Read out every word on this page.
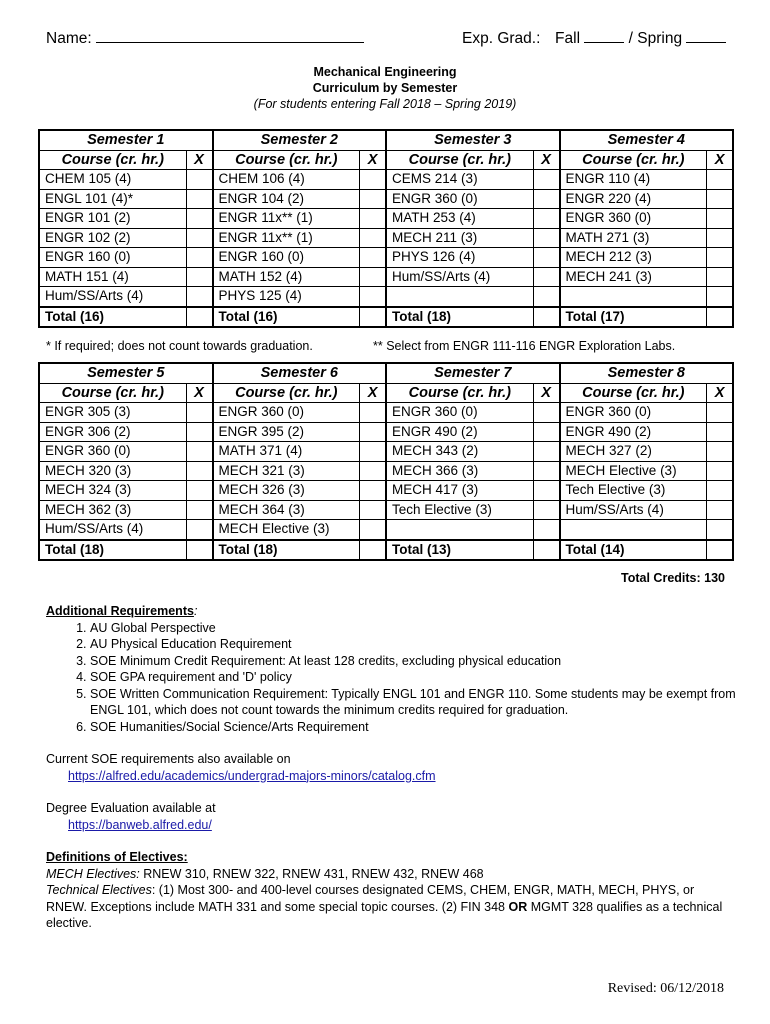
Name:	Exp. Grad.: Fall	/ Spring
Mechanical Engineering
Curriculum by Semester
(For students entering Fall 2018 – Spring 2019)
Semester 1		Semester 2		Semester 3		Semester 4	
Course (cr. hr.)	X	Course (cr. hr.)	X	Course (cr. hr.)	X	Course (cr. hr.)	X
CHEM 105 (4)		CHEM 106 (4)		CEMS 214 (3)		ENGR 110 (4)	
ENGL 101 (4)*		ENGR 104 (2)		ENGR 360 (0)		ENGR 220 (4)	
ENGR 101 (2)		ENGR 11x** (1)		MATH 253 (4)		ENGR 360 (0)	
ENGR 102 (2)		ENGR 11x** (1)		MECH 211 (3)		MATH 271 (3)	
ENGR 160 (0)		ENGR 160 (0)		PHYS 126 (4)		MECH 212 (3)	
MATH 151 (4)		MATH 152 (4)		Hum/SS/Arts (4)		MECH 241 (3)	
Hum/SS/Arts (4)		PHYS 125 (4)					
Total (16)		Total (16)		Total (18)		Total (17)	
* If required; does not count towards graduation.	** Select from ENGR 111-116 ENGR Exploration Labs.
Semester 5		Semester 6		Semester 7		Semester 8	
Course (cr. hr.)	X	Course (cr. hr.)	X	Course (cr. hr.)	X	Course (cr. hr.)	X
ENGR 305 (3)		ENGR 360 (0)		ENGR 360 (0)		ENGR 360 (0)	
ENGR 306 (2)		ENGR 395 (2)		ENGR 490 (2)		ENGR 490 (2)	
ENGR 360 (0)		MATH 371 (4)		MECH 343 (2)		MECH 327 (2)	
MECH 320 (3)		MECH 321 (3)		MECH 366 (3)		MECH Elective (3)	
MECH 324 (3)		MECH 326 (3)		MECH 417 (3)		Tech Elective (3)	
MECH 362 (3)		MECH 364 (3)		Tech Elective (3)		Hum/SS/Arts (4)	
Hum/SS/Arts (4)		MECH Elective (3)					
Total (18)		Total (18)		Total (13)		Total (14)	
Total Credits: 130
Additional Requirements:
1. AU Global Perspective
2. AU Physical Education Requirement
3. SOE Minimum Credit Requirement: At least 128 credits, excluding physical education
4. SOE GPA requirement and 'D' policy
5. SOE Written Communication Requirement: Typically ENGL 101 and ENGR 110. Some students may be exempt from ENGL 101, which does not count towards the minimum credits required for graduation.
6. SOE Humanities/Social Science/Arts Requirement
Current SOE requirements also available on
https://alfred.edu/academics/undergrad-majors-minors/catalog.cfm
Degree Evaluation available at
https://banweb.alfred.edu/
Definitions of Electives:
MECH Electives: RNEW 310, RNEW 322, RNEW 431, RNEW 432, RNEW 468
Technical Electives: (1) Most 300- and 400-level courses designated CEMS, CHEM, ENGR, MATH, MECH, PHYS, or RNEW. Exceptions include MATH 331 and some special topic courses. (2) FIN 348 OR MGMT 328 qualifies as a technical elective.
Revised: 06/12/2018
